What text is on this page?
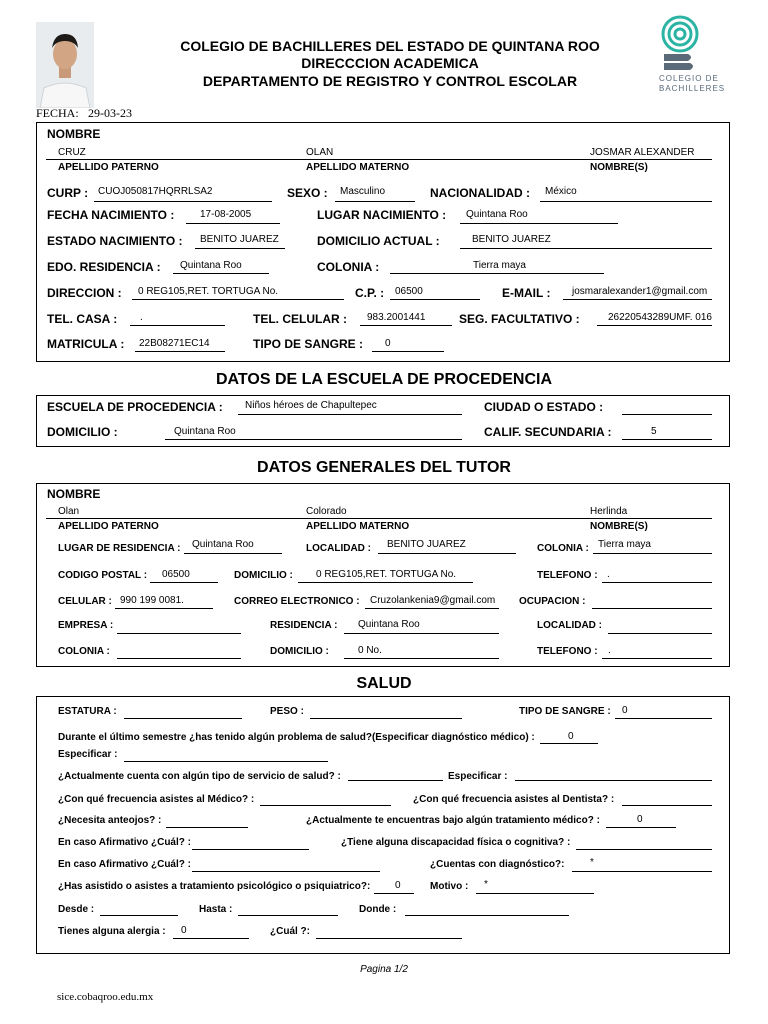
COLEGIO DE BACHILLERES DEL ESTADO DE QUINTANA ROO
DIRECCCION ACADEMICA
DEPARTAMENTO DE REGISTRO Y CONTROL ESCOLAR	COLEGIO DE
BACHILLERES
FECHA: 29-03-23
NOMBRE
CRUZ	OLAN	JOSMAR ALEXANDER
APELLIDO PATERNO	APELLIDO MATERNO	NOMBRE(S)
CURP : CUOJ050817HQRRLSA2	SEXO : Masculino	NACIONALIDAD : México
FECHA NACIMIENTO :	17-08-2005	LUGAR NACIMIENTO : Quintana Roo
ESTADO NACIMIENTO : BENITO JUAREZ	DOMICILIO ACTUAL :	BENITO JUAREZ
EDO. RESIDENCIA : Quintana Roo	COLONIA :	Tierra maya
DIRECCION : 0 REG105,RET. TORTUGA No.	C.P. : 06500	E-MAIL : josmaralexander1@gmail.com
TEL. CASA : .	TEL. CELULAR : 983.2001441	SEG. FACULTATIVO :	26220543289UMF. 016
MATRICULA : 22B08271EC14	TIPO DE SANGRE : 0
DATOS DE LA ESCUELA DE PROCEDENCIA
ESCUELA DE PROCEDENCIA : Niños héroes de Chapultepec	CIUDAD O ESTADO :
DOMICILIO :	Quintana Roo	CALIF. SECUNDARIA :	5
DATOS GENERALES DEL TUTOR
NOMBRE
Olan	Colorado	Herlinda
APELLIDO PATERNO	APELLIDO MATERNO	NOMBRE(S)
LUGAR DE RESIDENCIA : Quintana Roo	LOCALIDAD : BENITO JUAREZ	COLONIA : Tierra maya
CODIGO POSTAL : 06500	DOMICILIO : 0 REG105,RET. TORTUGA No.	TELEFONO : .
CELULAR : 990 199 0081.	CORREO ELECTRONICO : Cruzolankenia9@gmail.com OCUPACION :
EMPRESA :	RESIDENCIA : Quintana Roo	LOCALIDAD :
COLONIA :	DOMICILIO :	0 No.	TELEFONO : .
SALUD
ESTATURA :	PESO :	TIPO DE SANGRE : 0
Durante el último semestre ¿has tenido algún problema de salud?(Especificar diagnóstico médico) :	0
Especificar :
¿Actualmente cuenta con algún tipo de servicio de salud? :	Especificar :
¿Con qué frecuencia asistes al Médico? :	¿Con qué frecuencia asistes al Dentista? :
¿Necesita anteojos? :	¿Actualmente te encuentras bajo algún tratamiento médico? :	0
En caso Afirmativo ¿Cuál? :	¿Tiene alguna discapacidad física o cognitiva? :
En caso Afirmativo ¿Cuál? :	¿Cuentas con diagnóstico?:	*
¿Has asistido o asistes a tratamiento psicológico o psiquiatrico?: 0	Motivo : *
Desde :	Hasta :	Donde :
Tienes alguna alergia : 0	¿Cuál ?:
Pagina 1/2
sice.cobaqroo.edu.mx
